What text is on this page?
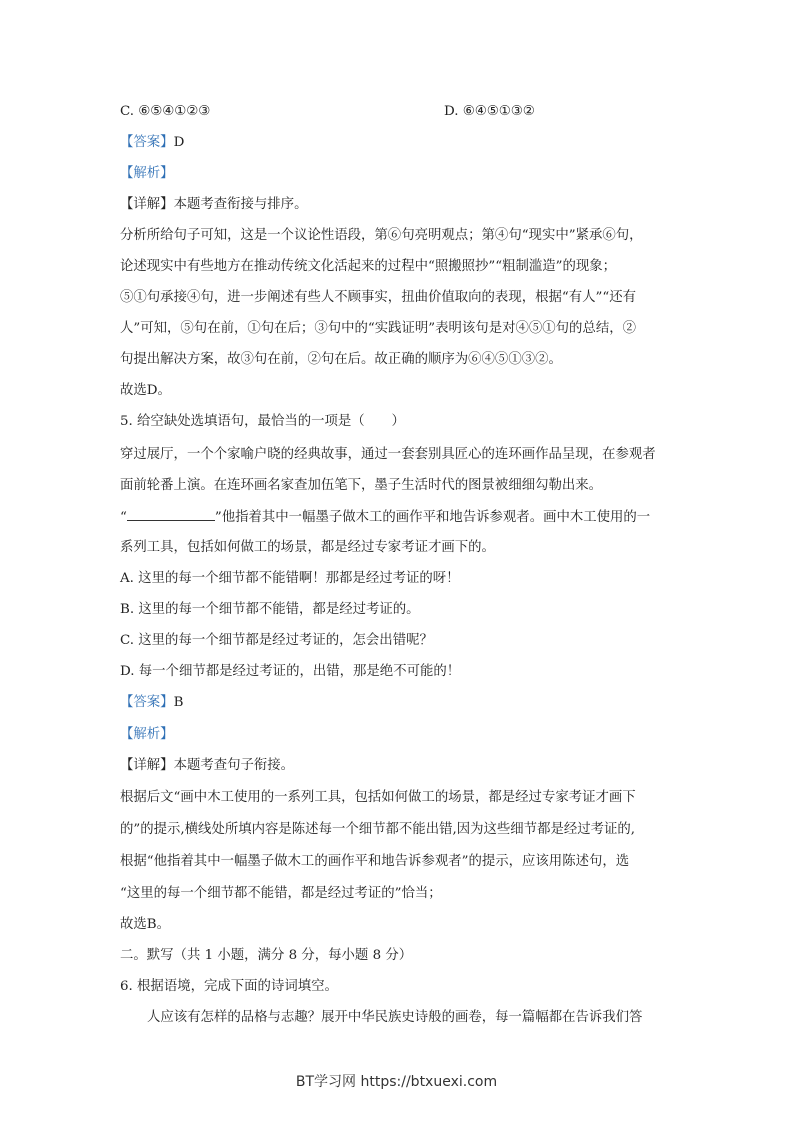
C. ⑥⑤④①②③	D. ⑥④⑤①③②
【答案】D
【解析】
【详解】本题考查衔接与排序。
分析所给句子可知，这是一个议论性语段，第⑥句亮明观点；第④句“现实中”紧承⑥句，
论述现实中有些地方在推动传统文化活起来的过程中“照搬照抄”“粗制滥造”的现象；
⑤①句承接④句，进一步阐述有些人不顾事实，扭曲价值取向的表现，根据“有人”“还有
人”可知，⑤句在前，①句在后；③句中的“实践证明”表明该句是对④⑤①句的总结，②
句提出解决方案，故③句在前，②句在后。故正确的顺序为⑥④⑤①③②。
故选D。
5. 给空缺处选填语句，最恰当的一项是（　　）
穿过展厅，一个个家喻户晓的经典故事，通过一套套别具匠心的连环画作品呈现，在参观者
面前轮番上演。在连环画名家查加伍笔下，墨子生活时代的图景被细细勾勒出来。
“	”他指着其中一幅墨子做木工的画作平和地告诉参观者。画中木工使用的一
系列工具，包括如何做工的场景，都是经过专家考证才画下的。
A. 这里的每一个细节都不能错啊！那都是经过考证的呀！
B. 这里的每一个细节都不能错，都是经过考证的。
C. 这里的每一个细节都是经过考证的，怎会出错呢？
D. 每一个细节都是经过考证的，出错，那是绝不可能的！
【答案】B
【解析】
【详解】本题考查句子衔接。
根据后文“画中木工使用的一系列工具，包括如何做工的场景，都是经过专家考证才画下
的”的提示,横线处所填内容是陈述每一个细节都不能出错,因为这些细节都是经过考证的,
根据“他指着其中一幅墨子做木工的画作平和地告诉参观者”的提示，应该用陈述句，选
“这里的每一个细节都不能错，都是经过考证的”恰当；
故选B。
二。默写（共 1 小题，满分 8 分，每小题 8 分）
6. 根据语境，完成下面的诗词填空。
人应该有怎样的品格与志趣？展开中华民族史诗般的画卷，每一篇幅都在告诉我们答
BT学习网 https://btxuexi.com
